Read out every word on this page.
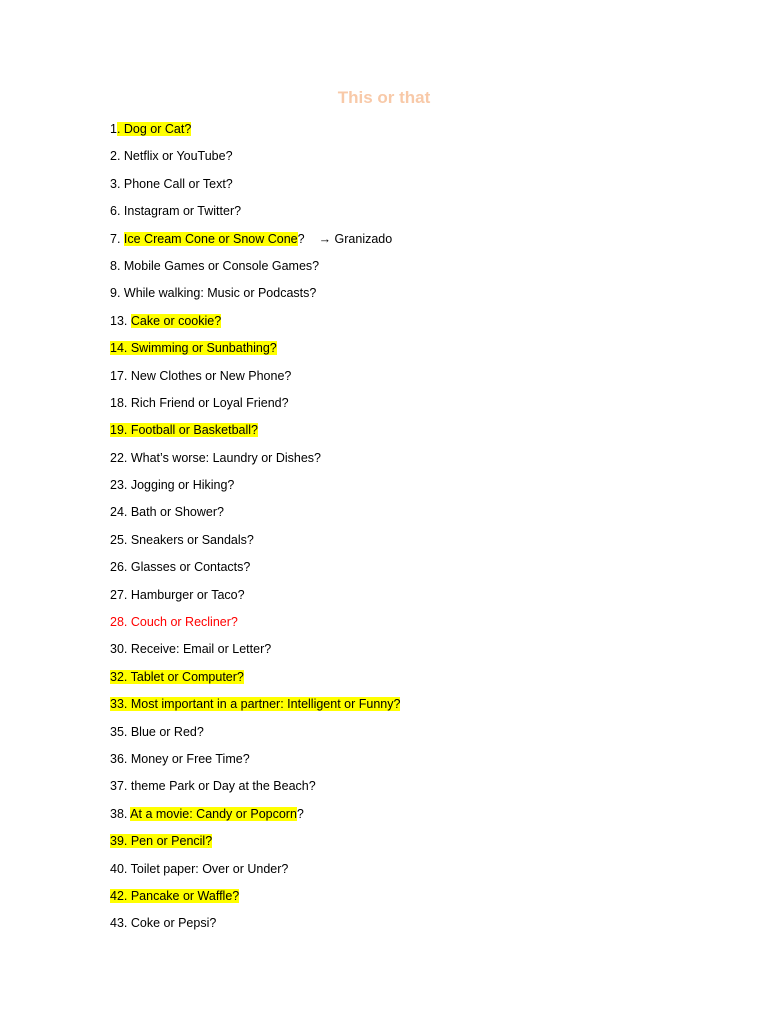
This or that
1. Dog or Cat?
2. Netflix or YouTube?
3. Phone Call or Text?
6. Instagram or Twitter?
7. Ice Cream Cone or Snow Cone? → Granizado
8. Mobile Games or Console Games?
9. While walking: Music or Podcasts?
13. Cake or cookie?
14. Swimming or Sunbathing?
17. New Clothes or New Phone?
18. Rich Friend or Loyal Friend?
19. Football or Basketball?
22. What’s worse: Laundry or Dishes?
23. Jogging or Hiking?
24. Bath or Shower?
25. Sneakers or Sandals?
26. Glasses or Contacts?
27. Hamburger or Taco?
28. Couch or Recliner?
30. Receive: Email or Letter?
32. Tablet or Computer?
33. Most important in a partner: Intelligent or Funny?
35. Blue or Red?
36. Money or Free Time?
37. theme Park or Day at the Beach?
38. At a movie: Candy or Popcorn?
39. Pen or Pencil?
40. Toilet paper: Over or Under?
42. Pancake or Waffle?
43. Coke or Pepsi?
